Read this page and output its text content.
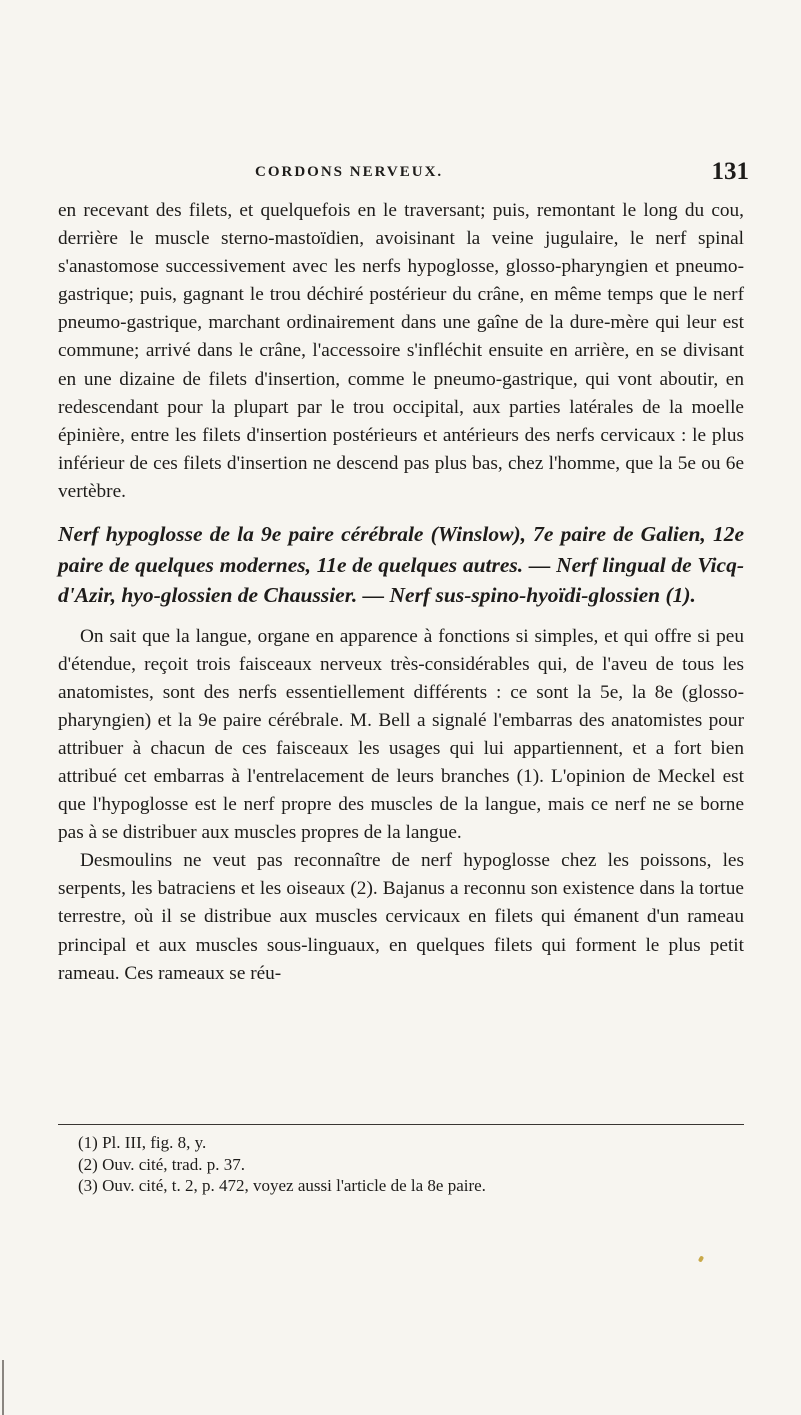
CORDONS NERVEUX.	131

en recevant des filets, et quelquefois en le traversant; puis, remontant le long du cou, derrière le muscle sterno-mastoïdien, avoisinant la veine jugulaire, le nerf spinal s'anastomose successivement avec les nerfs hypoglosse, glosso-pharyngien et pneumo-gastrique; puis, gagnant le trou déchiré postérieur du crâne, en même temps que le nerf pneumo-gastrique, marchant ordinairement dans une gaîne de la dure-mère qui leur est commune; arrivé dans le crâne, l'accessoire s'infléchit ensuite en arrière, en se divisant en une dizaine de filets d'insertion, comme le pneumo-gastrique, qui vont aboutir, en redescendant pour la plupart par le trou occipital, aux parties latérales de la moelle épinière, entre les filets d'insertion postérieurs et antérieurs des nerfs cervicaux : le plus inférieur de ces filets d'insertion ne descend pas plus bas, chez l'homme, que la 5e ou 6e vertèbre.

Nerf hypoglosse de la 9e paire cérébrale (Winslow), 7e paire de Galien, 12e paire de quelques modernes, 11e de quelques autres. — Nerf lingual de Vicq-d'Azir, hyo-glossien de Chaussier. — Nerf sus-spino-hyoïdi-glossien (1).

On sait que la langue, organe en apparence à fonctions si simples, et qui offre si peu d'étendue, reçoit trois faisceaux nerveux très-considérables qui, de l'aveu de tous les anatomistes, sont des nerfs essentiellement différents : ce sont la 5e, la 8e (glosso-pharyngien) et la 9e paire cérébrale. M. Bell a signalé l'embarras des anatomistes pour attribuer à chacun de ces faisceaux les usages qui lui appartiennent, et a fort bien attribué cet embarras à l'entrelacement de leurs branches (1). L'opinion de Meckel est que l'hypoglosse est le nerf propre des muscles de la langue, mais ce nerf ne se borne pas à se distribuer aux muscles propres de la langue.

Desmoulins ne veut pas reconnaître de nerf hypoglosse chez les poissons, les serpents, les batraciens et les oiseaux (2). Bajanus a reconnu son existence dans la tortue terrestre, où il se distribue aux muscles cervicaux en filets qui émanent d'un rameau principal et aux muscles sous-linguaux, en quelques filets qui forment le plus petit rameau. Ces rameaux se réu-

(1) Pl. III, fig. 8, y.
(2) Ouv. cité, trad. p. 37.
(3) Ouv. cité, t. 2, p. 472, voyez aussi l'article de la 8e paire.
